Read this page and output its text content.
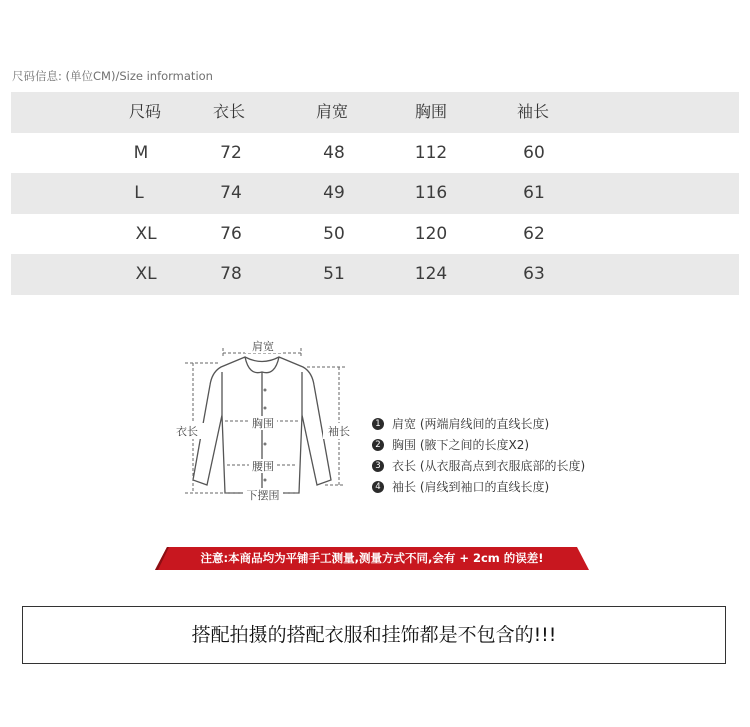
尺码信息: (单位CM)/Size information
尺码	衣长	肩宽	胸围	袖长
M	72	48	112	60
L	74	49	116	61
XL	76	50	120	62
XL	78	51	124	63
肩宽
胸围
腰围
下摆围
衣长	袖长
1 肩宽 (两端肩线间的直线长度)
2 胸围 (腋下之间的长度X2)
3 衣长 (从衣服高点到衣服底部的长度)
4 袖长 (肩线到袖口的直线长度)
注意:本商品均为平铺手工测量,测量方式不同,会有 + 2cm 的误差!
搭配拍摄的搭配衣服和挂饰都是不包含的!!!
